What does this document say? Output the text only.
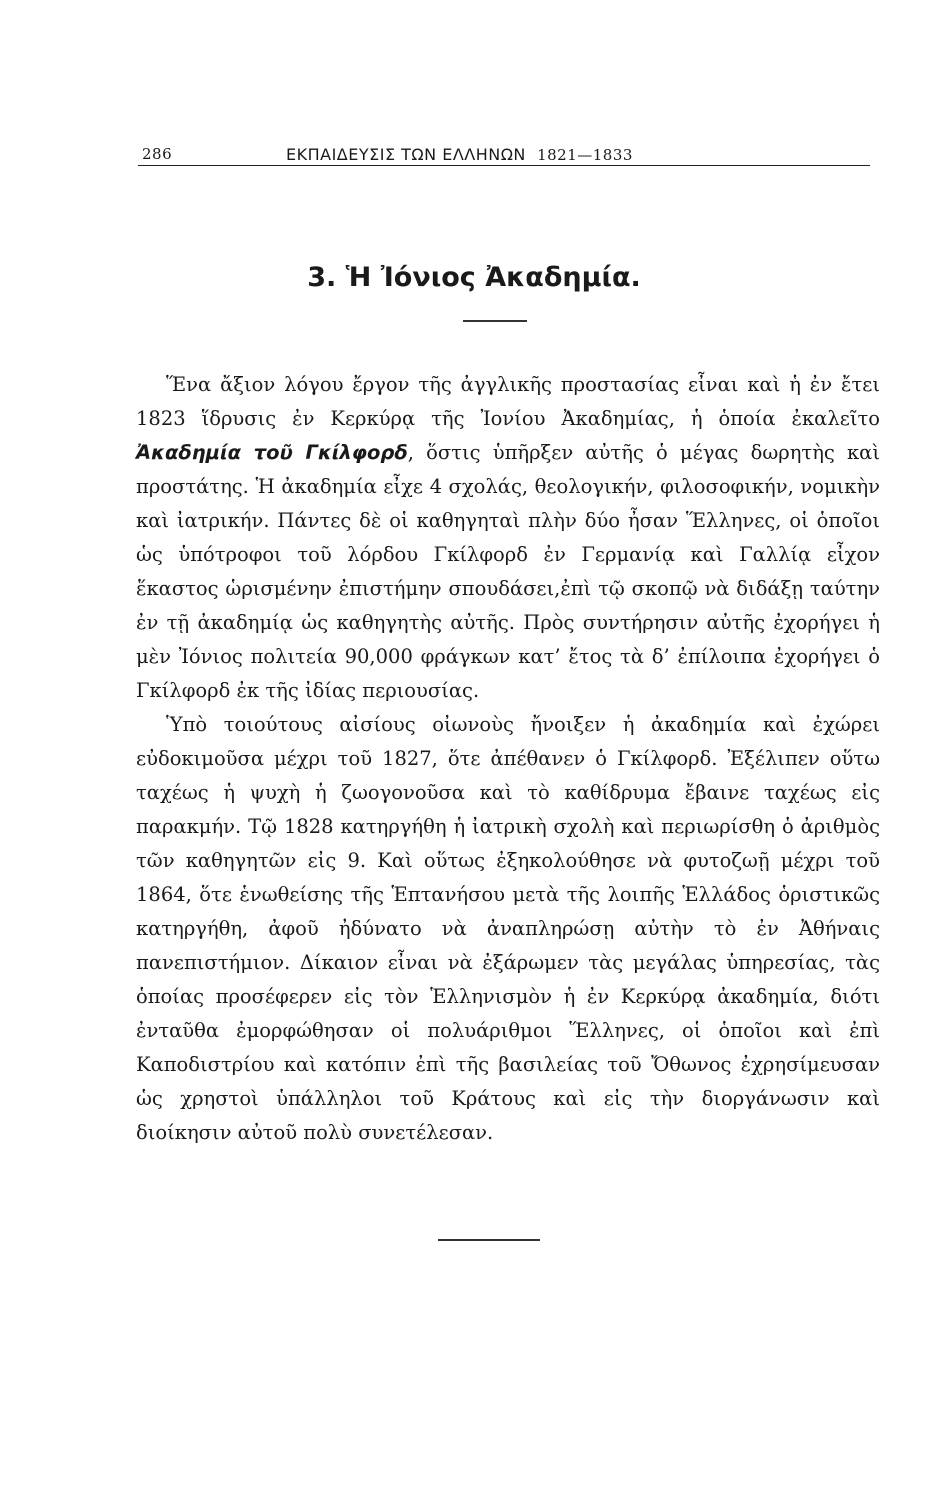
286	ΕΚΠΑΙΔΕΥΣΙΣ ΤΩΝ ΕΛΛΗΝΩΝ 1821—1833
3. Ἡ Ἰόνιος Ἀκαδημία.

Ἕνα ἄξιον λόγου ἔργον τῆς ἀγγλικῆς προστασίας εἶναι καὶ ἡ ἐν ἔτει 1823 ἵδρυσις ἐν Κερκύρᾳ τῆς Ἰονίου Ἀκαδημίας, ἡ ὁποία ἐκαλεῖτο Ἀκαδημία τοῦ Γκίλφορδ, ὅστις ὑπῆρξεν αὐτῆς ὁ μέγας δωρητὴς καὶ προστάτης. Ἡ ἀκαδημία εἶχε 4 σχολάς, θεολογικήν, φιλοσοφικήν, νομικὴν καὶ ἰατρικήν. Πάντες δὲ οἱ καθηγηταὶ πλὴν δύο ἦσαν Ἕλληνες, οἱ ὁποῖοι ὡς ὑπότροφοι τοῦ λόρδου Γκίλφορδ ἐν Γερμανίᾳ καὶ Γαλλίᾳ εἶχον ἕκαστος ὡρισμένην ἐπιστήμην σπουδάσει,ἐπὶ τῷ σκοπῷ νὰ διδάξῃ ταύτην ἐν τῇ ἀκαδημίᾳ ὡς καθηγητὴς αὐτῆς. Πρὸς συντήρησιν αὐτῆς ἐχορήγει ἡ μὲν Ἰόνιος πολιτεία 90,000 φράγκων κατ’ ἔτος τὰ δ’ ἐπίλοιπα ἐχορήγει ὁ Γκίλφορδ ἐκ τῆς ἰδίας περιουσίας.

Ὑπὸ τοιούτους αἰσίους οἰωνοὺς ἤνοιξεν ἡ ἀκαδημία καὶ ἐχώρει εὐδοκιμοῦσα μέχρι τοῦ 1827, ὅτε ἀπέθανεν ὁ Γκίλφορδ. Ἐξέλιπεν οὕτω ταχέως ἡ ψυχὴ ἡ ζωογονοῦσα καὶ τὸ καθίδρυμα ἔβαινε ταχέως εἰς παρακμήν. Τῷ 1828 κατηργήθη ἡ ἰατρικὴ σχολὴ καὶ περιωρίσθη ὁ ἀριθμὸς τῶν καθηγητῶν εἰς 9. Καὶ οὕτως ἐξηκολούθησε νὰ φυτοζωῇ μέχρι τοῦ 1864, ὅτε ἑνωθείσης τῆς Ἑπτανήσου μετὰ τῆς λοιπῆς Ἑλλάδος ὁριστικῶς κατηργήθη, ἀφοῦ ἠδύνατο νὰ ἀναπληρώσῃ αὐτὴν τὸ ἐν Ἀθήναις πανεπιστήμιον. Δίκαιον εἶναι νὰ ἐξάρωμεν τὰς μεγάλας ὑπηρεσίας, τὰς ὁποίας προσέφερεν εἰς τὸν Ἑλληνισμὸν ἡ ἐν Κερκύρᾳ ἀκαδημία, διότι ἐνταῦθα ἐμορφώθησαν οἱ πολυάριθμοι Ἕλληνες, οἱ ὁποῖοι καὶ ἐπὶ Καποδιστρίου καὶ κατόπιν ἐπὶ τῆς βασιλείας τοῦ Ὄθωνος ἐχρησίμευσαν ὡς χρηστοὶ ὑπάλληλοι τοῦ Κράτους καὶ εἰς τὴν διοργάνωσιν καὶ διοίκησιν αὐτοῦ πολὺ συνετέλεσαν.
